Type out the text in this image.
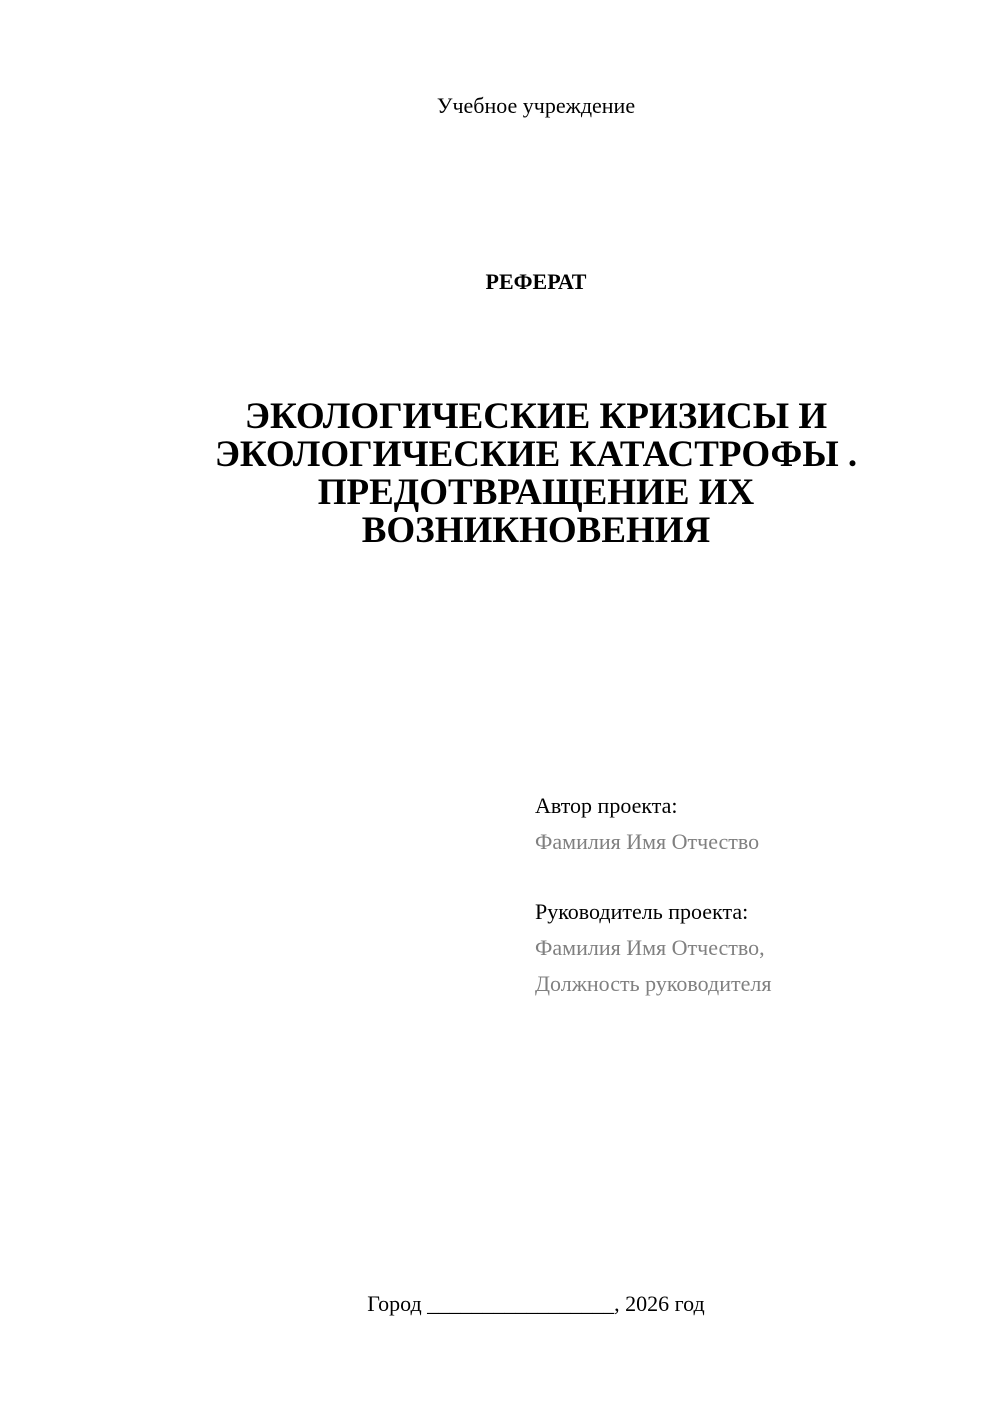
Учебное учреждение
РЕФЕРАТ
ЭКОЛОГИЧЕСКИЕ КРИЗИСЫ И
ЭКОЛОГИЧЕСКИЕ КАТАСТРОФЫ .
ПРЕДОТВРАЩЕНИЕ ИХ
ВОЗНИКНОВЕНИЯ
Автор проекта:
Фамилия Имя Отчество
Руководитель проекта:
Фамилия Имя Отчество,
Должность руководителя
Город _________________, 2026 год
